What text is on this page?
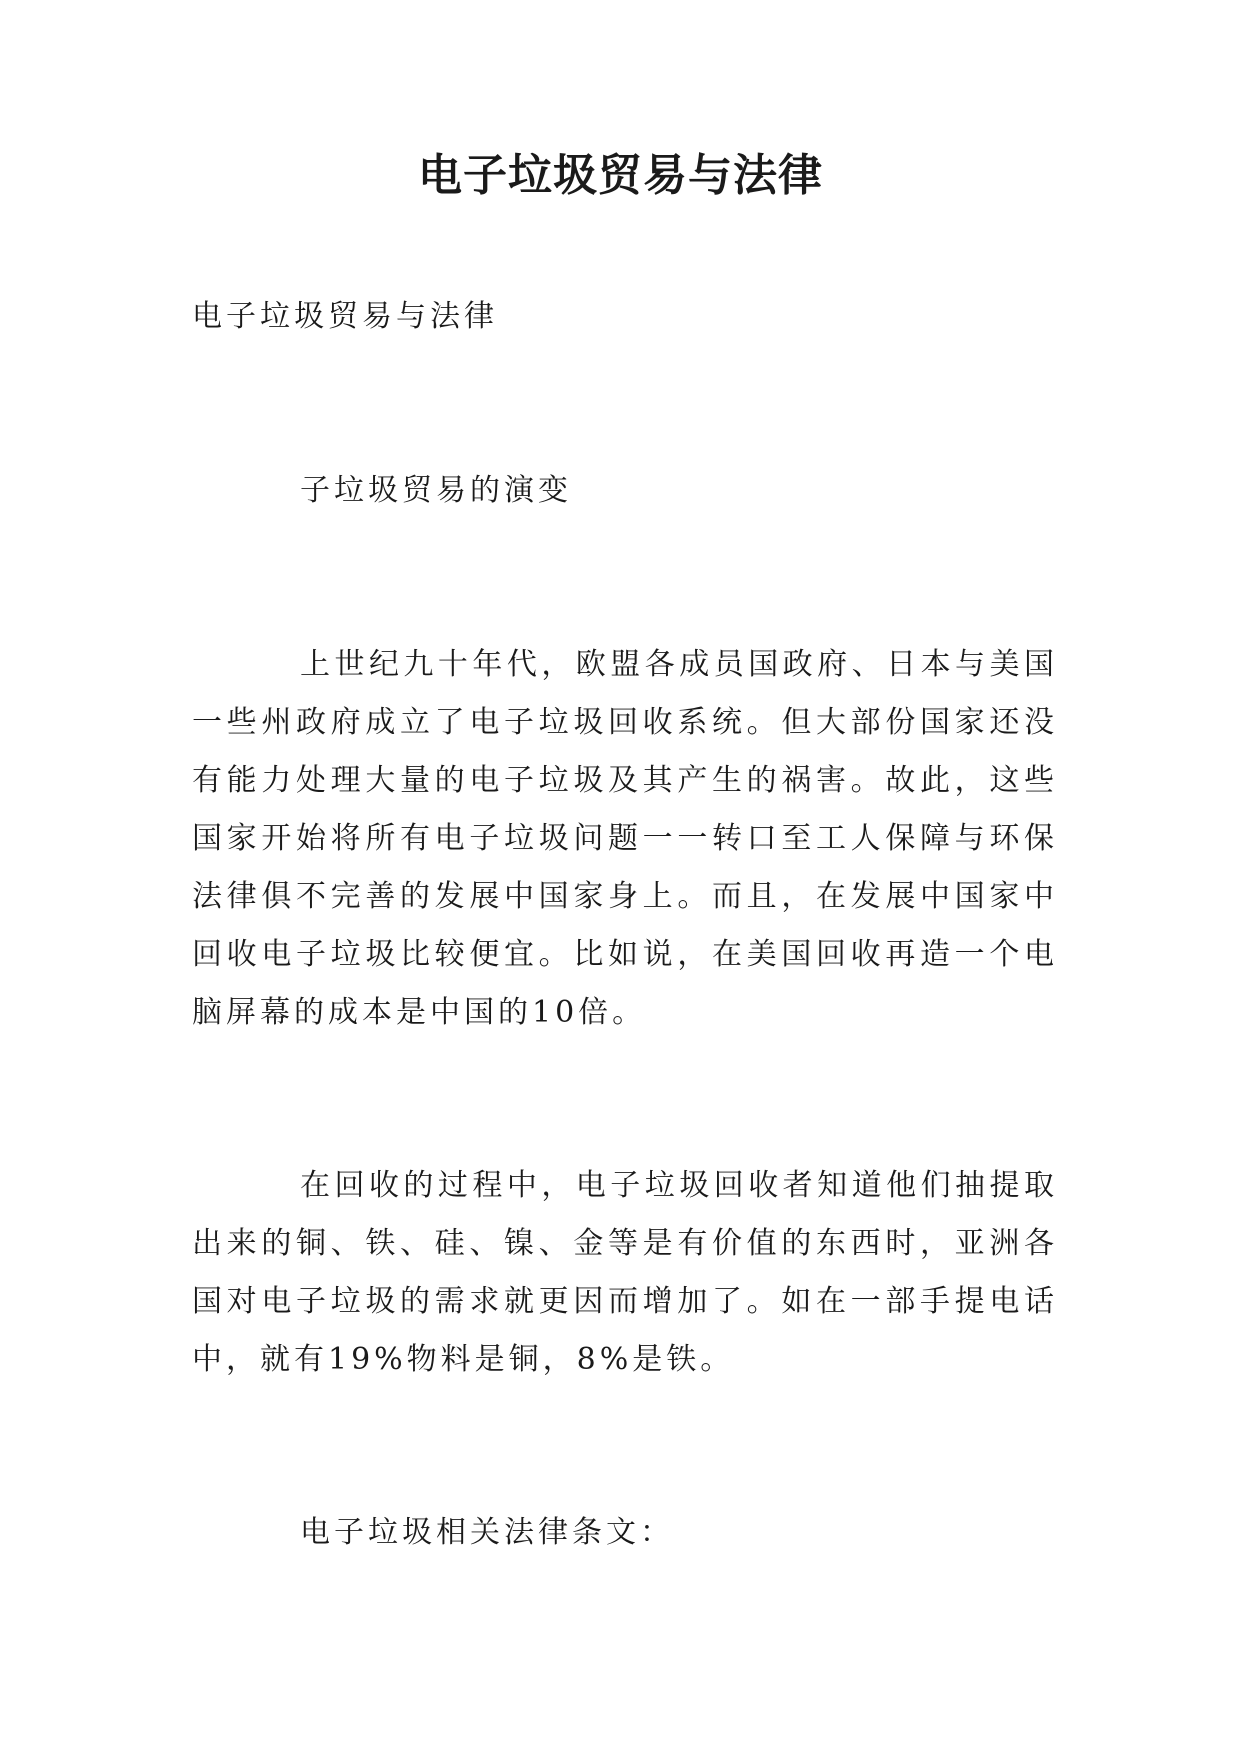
电子垃圾贸易与法律
电子垃圾贸易与法律
子垃圾贸易的演变
上世纪九十年代，欧盟各成员国政府、日本与美国一些州政府成立了电子垃圾回收系统。但大部份国家还没有能力处理大量的电子垃圾及其产生的祸害。故此，这些国家开始将所有电子垃圾问题一一转口至工人保障与环保法律俱不完善的发展中国家身上。而且，在发展中国家中回收电子垃圾比较便宜。比如说，在美国回收再造一个电脑屏幕的成本是中国的10倍。
在回收的过程中，电子垃圾回收者知道他们抽提取出来的铜、铁、硅、镍、金等是有价值的东西时，亚洲各国对电子垃圾的需求就更因而增加了。如在一部手提电话中，就有19%物料是铜，8%是铁。
电子垃圾相关法律条文：
